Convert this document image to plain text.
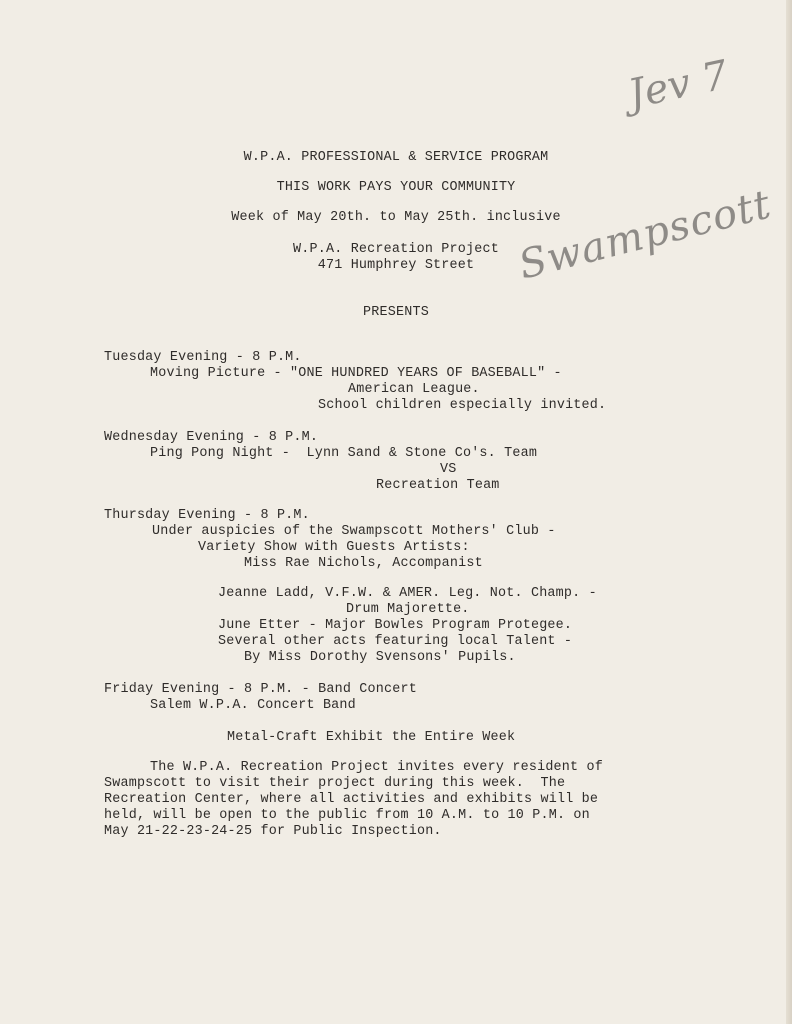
Jev 7
Swampscott
W.P.A. PROFESSIONAL & SERVICE PROGRAM
THIS WORK PAYS YOUR COMMUNITY
Week of May 20th. to May 25th. inclusive
W.P.A. Recreation Project
471 Humphrey Street
PRESENTS
Tuesday Evening - 8 P.M.
Moving Picture - "ONE HUNDRED YEARS OF BASEBALL" -
American League.
School children especially invited.
Wednesday Evening - 8 P.M.
Ping Pong Night -  Lynn Sand & Stone Co's. Team
VS
Recreation Team
Thursday Evening - 8 P.M.
Under auspicies of the Swampscott Mothers' Club -
Variety Show with Guests Artists:
Miss Rae Nichols, Accompanist
Jeanne Ladd, V.F.W. & AMER. Leg. Not. Champ. -
Drum Majorette.
June Etter - Major Bowles Program Protegee.
Several other acts featuring local Talent -
By Miss Dorothy Svensons' Pupils.
Friday Evening - 8 P.M. - Band Concert
Salem W.P.A. Concert Band
Metal-Craft Exhibit the Entire Week
The W.P.A. Recreation Project invites every resident of
Swampscott to visit their project during this week.  The
Recreation Center, where all activities and exhibits will be
held, will be open to the public from 10 A.M. to 10 P.M. on
May 21-22-23-24-25 for Public Inspection.
